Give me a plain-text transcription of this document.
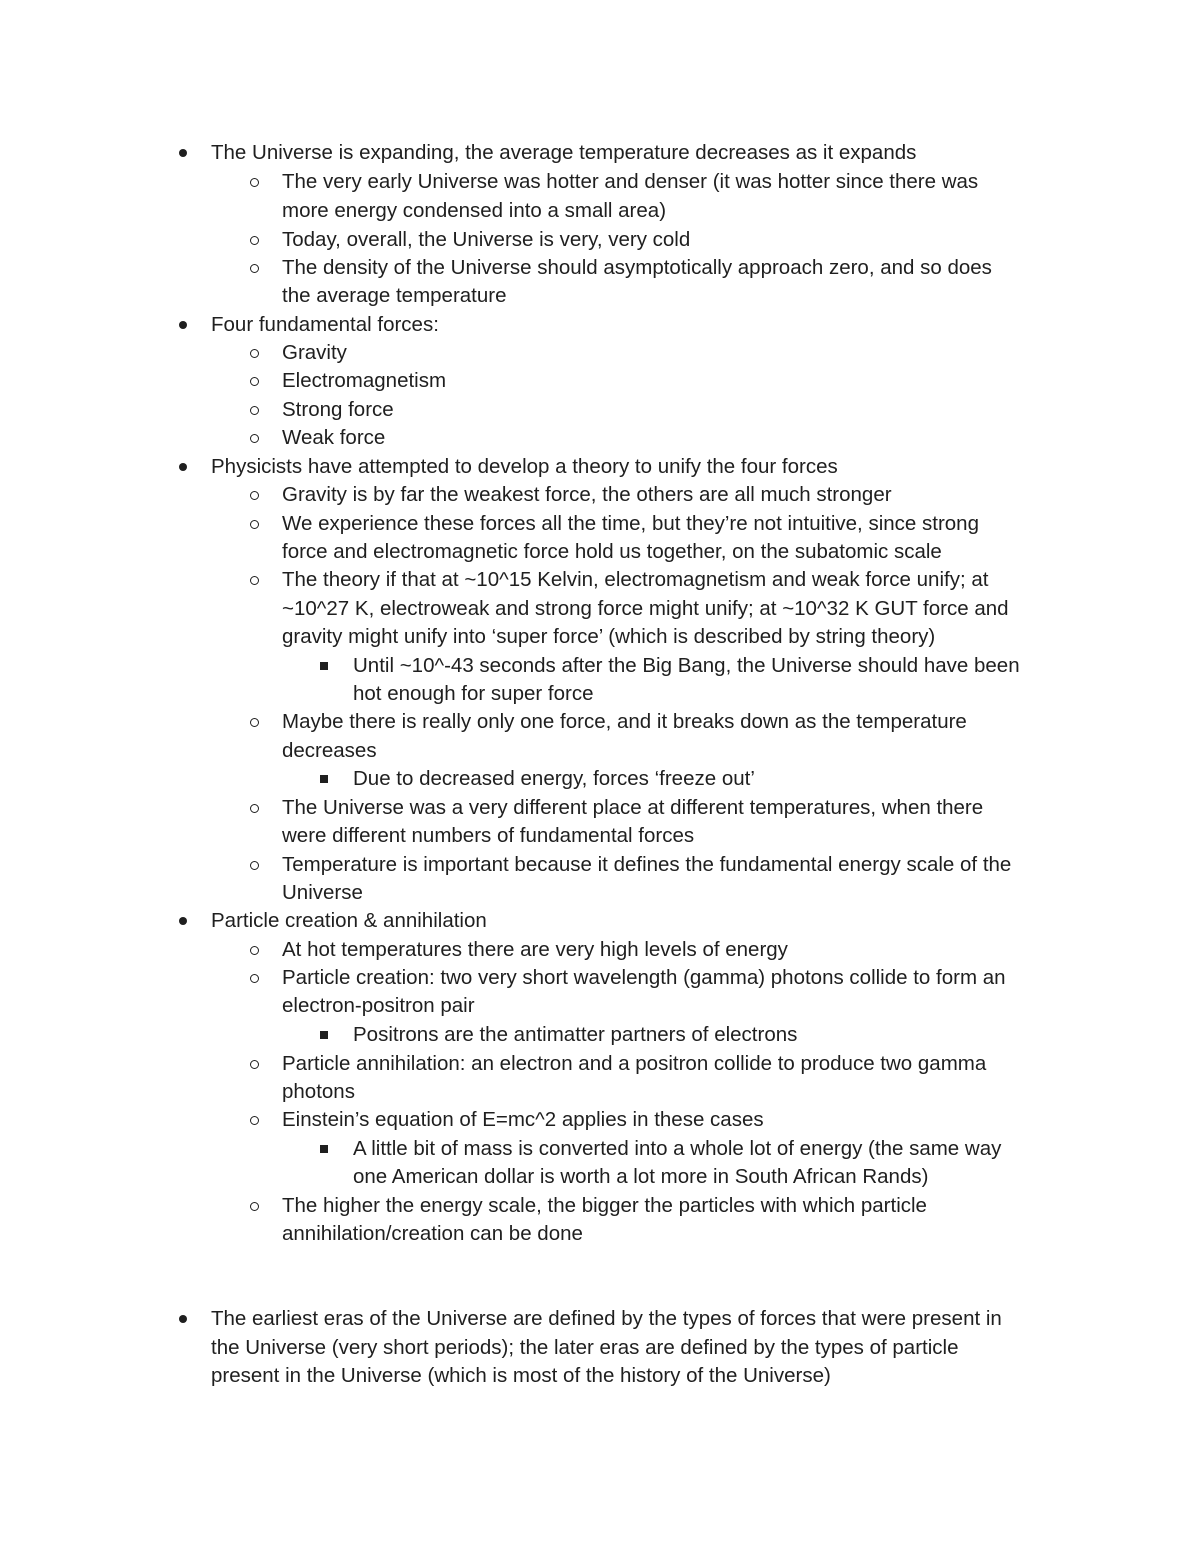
The Universe is expanding, the average temperature decreases as it expands
The very early Universe was hotter and denser (it was hotter since there was
more energy condensed into a small area)
Today, overall, the Universe is very, very cold
The density of the Universe should asymptotically approach zero, and so does
the average temperature
Four fundamental forces:
Gravity
Electromagnetism
Strong force
Weak force
Physicists have attempted to develop a theory to unify the four forces
Gravity is by far the weakest force, the others are all much stronger
We experience these forces all the time, but they’re not intuitive, since strong
force and electromagnetic force hold us together, on the subatomic scale
The theory if that at ~10^15 Kelvin, electromagnetism and weak force unify; at
~10^27 K, electroweak and strong force might unify; at ~10^32 K GUT force and
gravity might unify into ‘super force’ (which is described by string theory)
Until ~10^-43 seconds after the Big Bang, the Universe should have been
hot enough for super force
Maybe there is really only one force, and it breaks down as the temperature
decreases
Due to decreased energy, forces ‘freeze out’
The Universe was a very different place at different temperatures, when there
were different numbers of fundamental forces
Temperature is important because it defines the fundamental energy scale of the
Universe
Particle creation & annihilation
At hot temperatures there are very high levels of energy
Particle creation: two very short wavelength (gamma) photons collide to form an
electron-positron pair
Positrons are the antimatter partners of electrons
Particle annihilation: an electron and a positron collide to produce two gamma
photons
Einstein’s equation of E=mc^2 applies in these cases
A little bit of mass is converted into a whole lot of energy (the same way
one American dollar is worth a lot more in South African Rands)
The higher the energy scale, the bigger the particles with which particle
annihilation/creation can be done
The earliest eras of the Universe are defined by the types of forces that were present in
the Universe (very short periods); the later eras are defined by the types of particle
present in the Universe (which is most of the history of the Universe)
